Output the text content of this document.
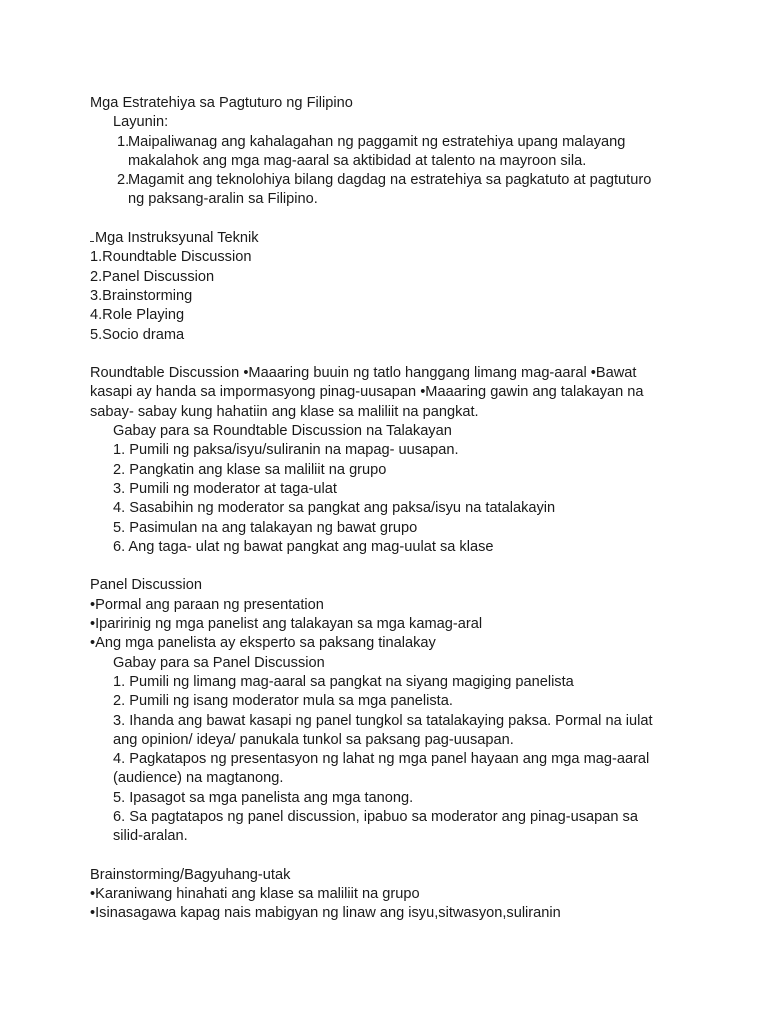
Mga Estratehiya sa Pagtuturo ng Filipino

Layunin:

1.
Maipaliwanag ang kahalagahan ng paggamit ng estratehiya upang malayang

makalahok ang mga mag-aaral sa aktibidad at talento na mayroon sila.

2.
Magamit ang teknolohiya bilang dagdag na estratehiya sa pagkatuto at pagtuturo

ng paksang-aralin sa Filipino.

Mga Instruksyunal Teknik

1.Roundtable Discussion

2.Panel Discussion

3.Brainstorming

4.Role Playing

5.Socio drama

Roundtable Discussion •Maaaring buuin ng tatlo hanggang limang mag-aaral •Bawat

kasapi ay handa sa impormasyong pinag-uusapan •Maaaring gawin ang talakayan na

sabay- sabay kung hahatiin ang klase sa maliliit na pangkat.

Gabay para sa Roundtable Discussion na Talakayan

1. Pumili ng paksa/isyu/suliranin na mapag- uusapan.

2. Pangkatin ang klase sa maliliit na grupo

3. Pumili ng moderator at taga-ulat

4. Sasabihin ng moderator sa pangkat ang paksa/isyu na tatalakayin

5. Pasimulan na ang talakayan ng bawat grupo

6. Ang taga- ulat ng bawat pangkat ang mag-uulat sa klase

Panel Discussion

•Pormal ang paraan ng presentation

•Iparirinig ng mga panelist ang talakayan sa mga kamag-aral

•Ang mga panelista ay eksperto sa paksang tinalakay

Gabay para sa Panel Discussion

1. Pumili ng limang mag-aaral sa pangkat na siyang magiging panelista

2. Pumili ng isang moderator mula sa mga panelista.

3. Ihanda ang bawat kasapi ng panel tungkol sa tatalakaying paksa. Pormal na iulat

ang opinion/ ideya/ panukala tunkol sa paksang pag-uusapan.

4. Pagkatapos ng presentasyon ng lahat ng mga panel hayaan ang mga mag-aaral

(audience) na magtanong.

5. Ipasagot sa mga panelista ang mga tanong.

6. Sa pagtatapos ng panel discussion, ipabuo sa moderator ang pinag-usapan sa

silid-aralan.

Brainstorming/Bagyuhang-utak

•Karaniwang hinahati ang klase sa maliliit na grupo

•Isinasagawa kapag nais mabigyan ng linaw ang isyu,sitwasyon,suliranin
